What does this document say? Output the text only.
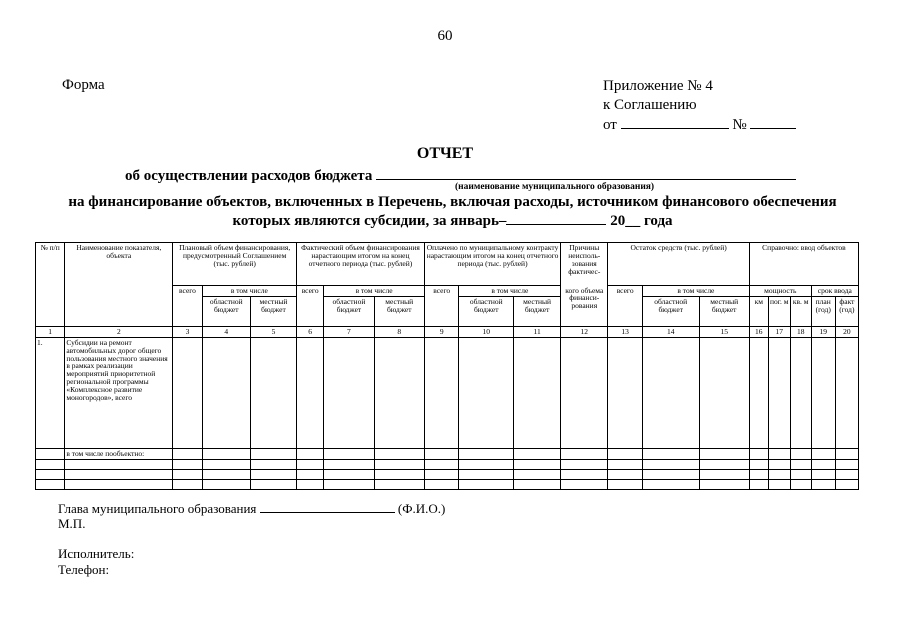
60
Форма	Приложение № 4
к Соглашению
от	№
ОТЧЕТ
об осуществлении расходов бюджета
(наименование муниципального образования)
на финансирование объектов, включенных в Перечень, включая расходы, источником финансового обеспечения
которых являются субсидии, за январь–	20__ года
№ п/п	Наименование показателя, объекта	Плановый объем финансирования, предусмотренный Соглашением (тыс. рублей)			Фактический объем финансирования нарастающим итогом на конец отчетного периода (тыс. рублей)			Оплачено по муниципальному контракту нарастающим итогом на конец отчетного периода (тыс. рублей)			Причины неисполь-зования фактичес-	Остаток средств (тыс. рублей)			Справочно: ввод объектов				
		всего	в том числе		всего	в том числе		всего	в том числе		кого объема финанси-рования	всего	в том числе		мощность			срок ввода	
			областной бюджет	местный бюджет		областной бюджет	местный бюджет		областной бюджет	местный бюджет			областной бюджет	местный бюджет	км	пог. м	кв. м	план (год)	факт (год)
1	2	3	4	5	6	7	8	9	10	11	12	13	14	15	16	17	18	19	20
1.	Субсидии на ремонт автомобильных дорог общего пользования местного значения в рамках реализации мероприятий приоритетной региональной программы «Комплексное развитие моногородов», всего																		
	в том числе пообъектно:																		

Глава муниципального образования	(Ф.И.О.)
М.П.
Исполнитель:
Телефон:
